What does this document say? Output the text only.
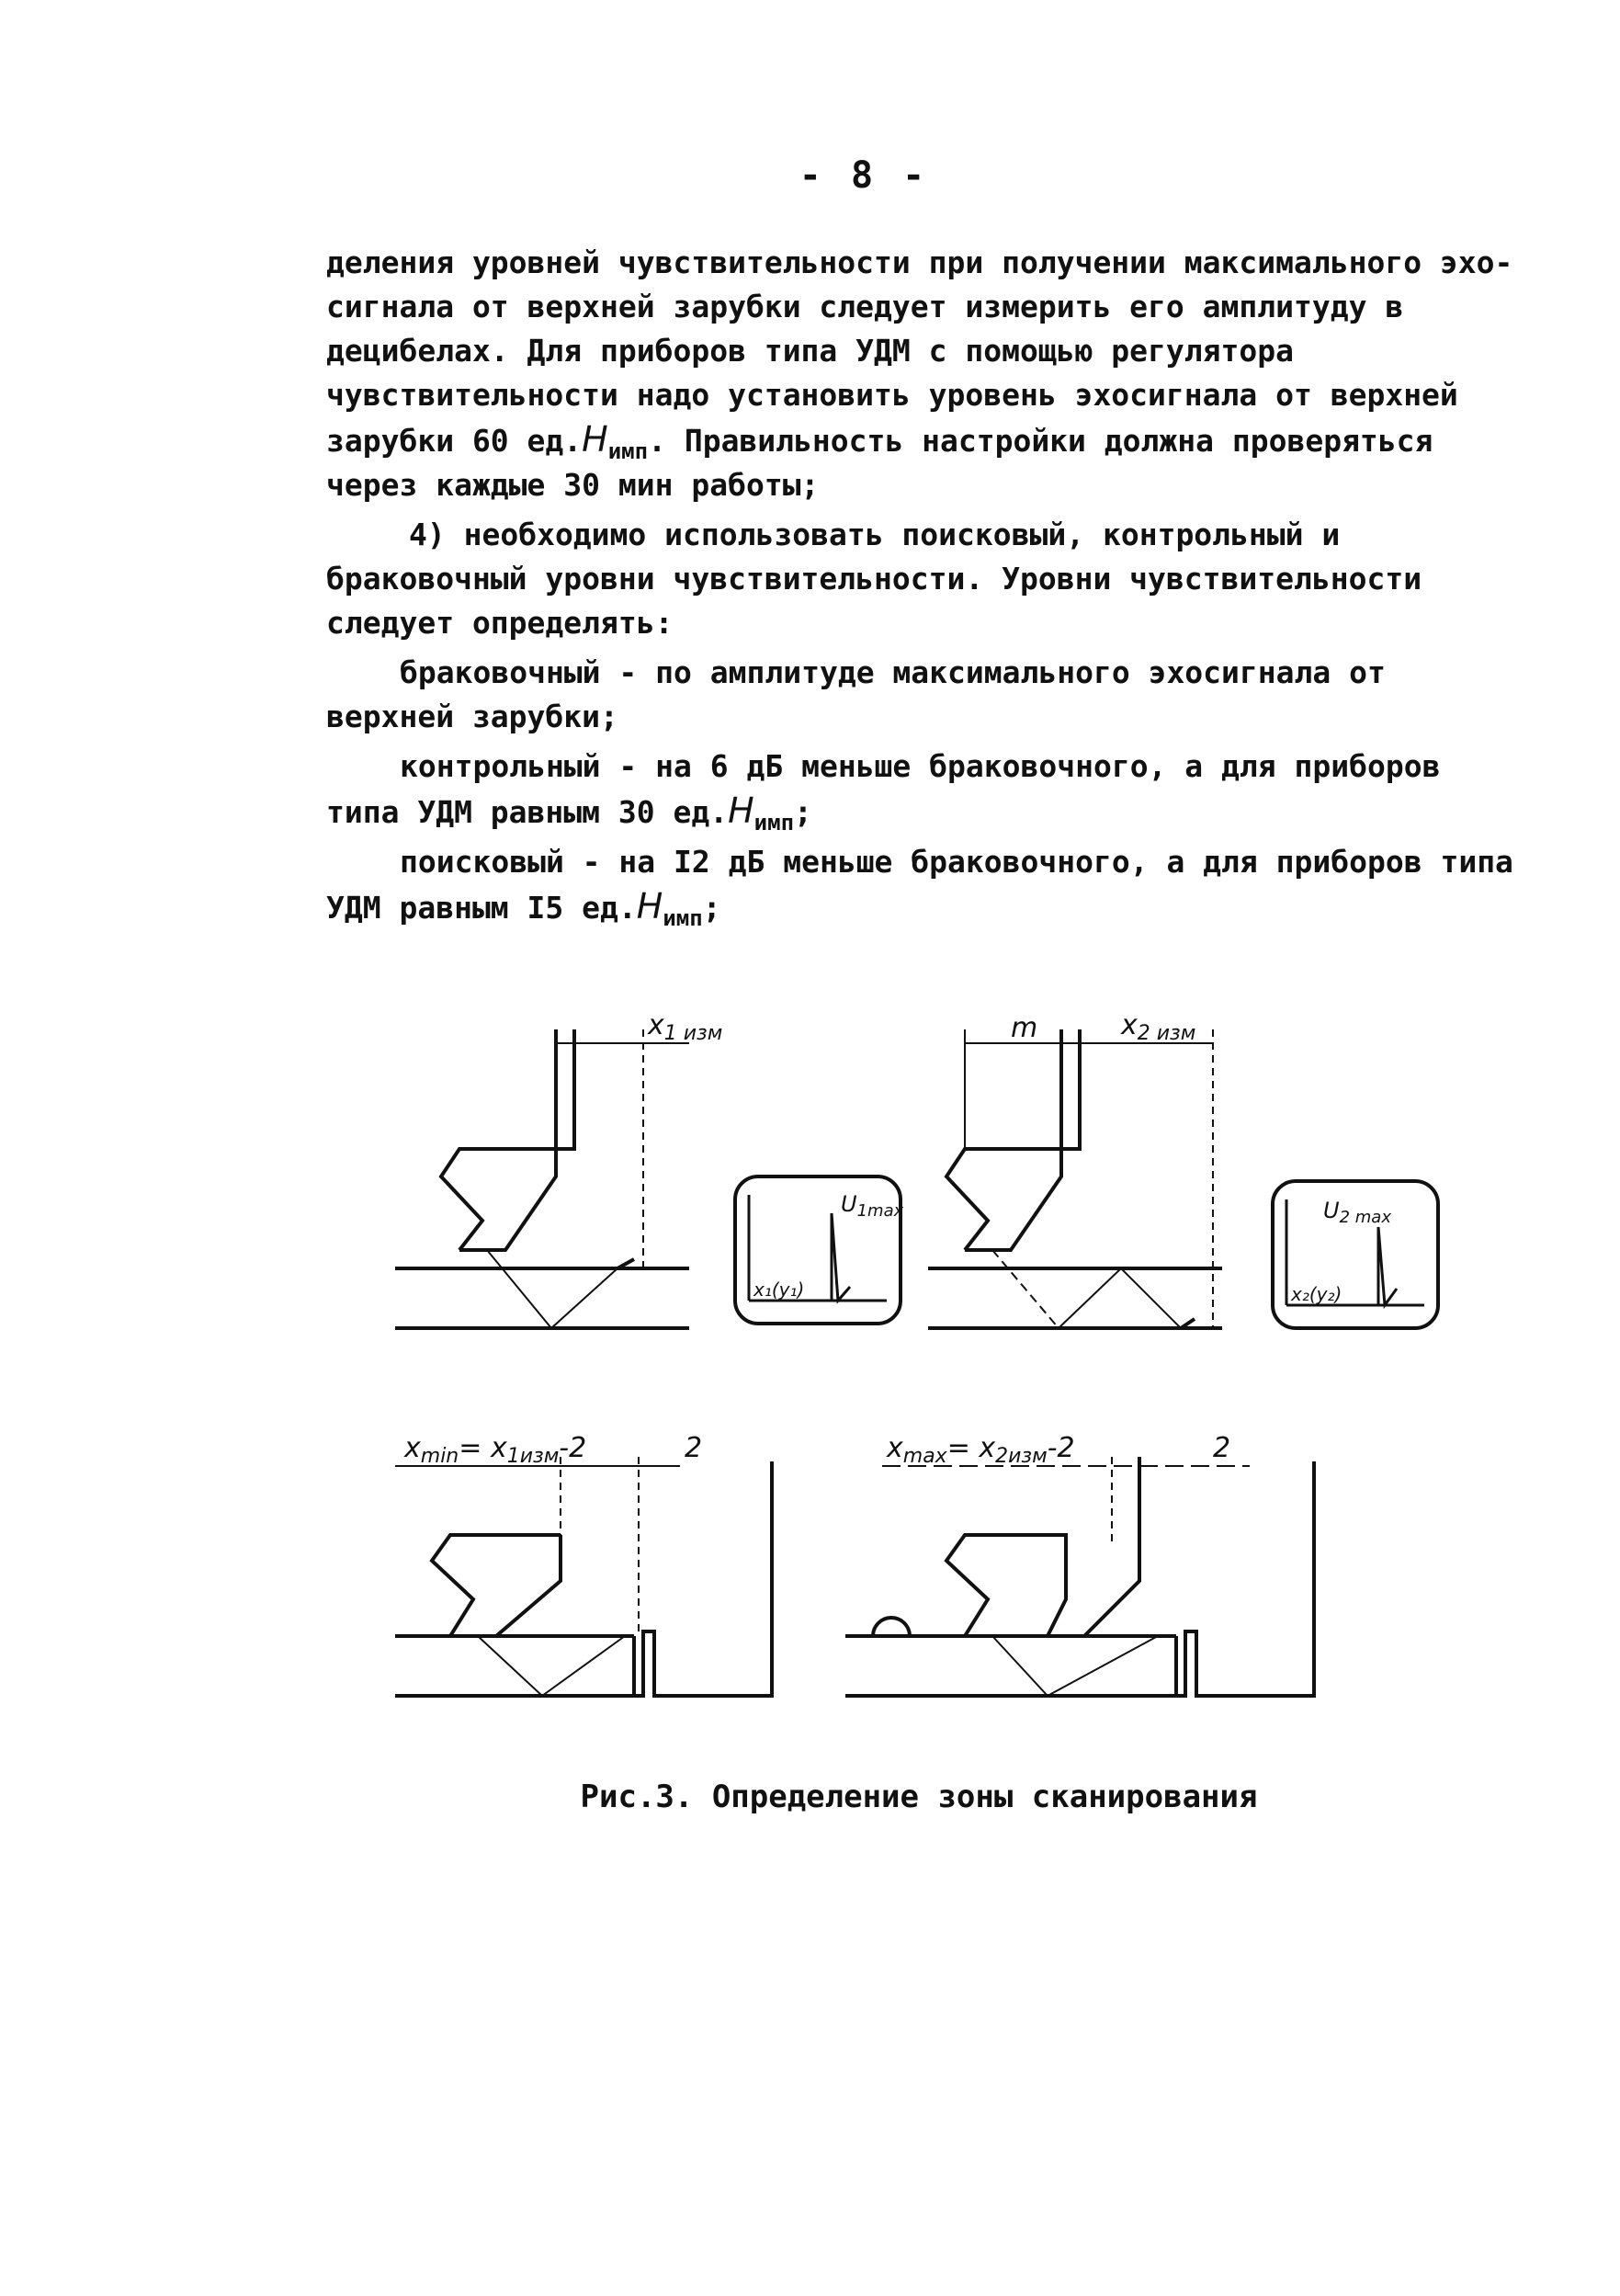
- 8 -

деления уровней чувствительности при получении максимального эхо-сигнала от верхней зарубки следует измерить его амплитуду в децибелах. Для приборов типа УДМ с помощью регулятора чувствительности надо установить уровень эхосигнала от верхней зарубки 60 $ед.H_{имп}$. Правильность настройки должна проверяться через каждые 30 мин работы;

4) необходимо использовать поисковый, контрольный и браковочный уровни чувствительности. Уровни чувствительности следует определять:

браковочный - по амплитуде максимального эхосигнала от верхней зарубки;

контрольный - на 6 дБ меньше браковочного, а для приборов типа УДМ равным 30 $ед.H_{имп}$;

поисковый - на I2 дБ меньше браковочного, а для приборов типа УДМ равным I5 $ед.H_{имп}$;

$x_{1 изм}$
$U_{1max}$
x₁(y₁)
m	$x_{2 изм}$
$U_{2 max}$
x₂(y₂)
$x_{min}= x_{1изм}-2$	2	$x_{max}= x_{2изм}-2$	2
Рис.3. Определение зоны сканирования
